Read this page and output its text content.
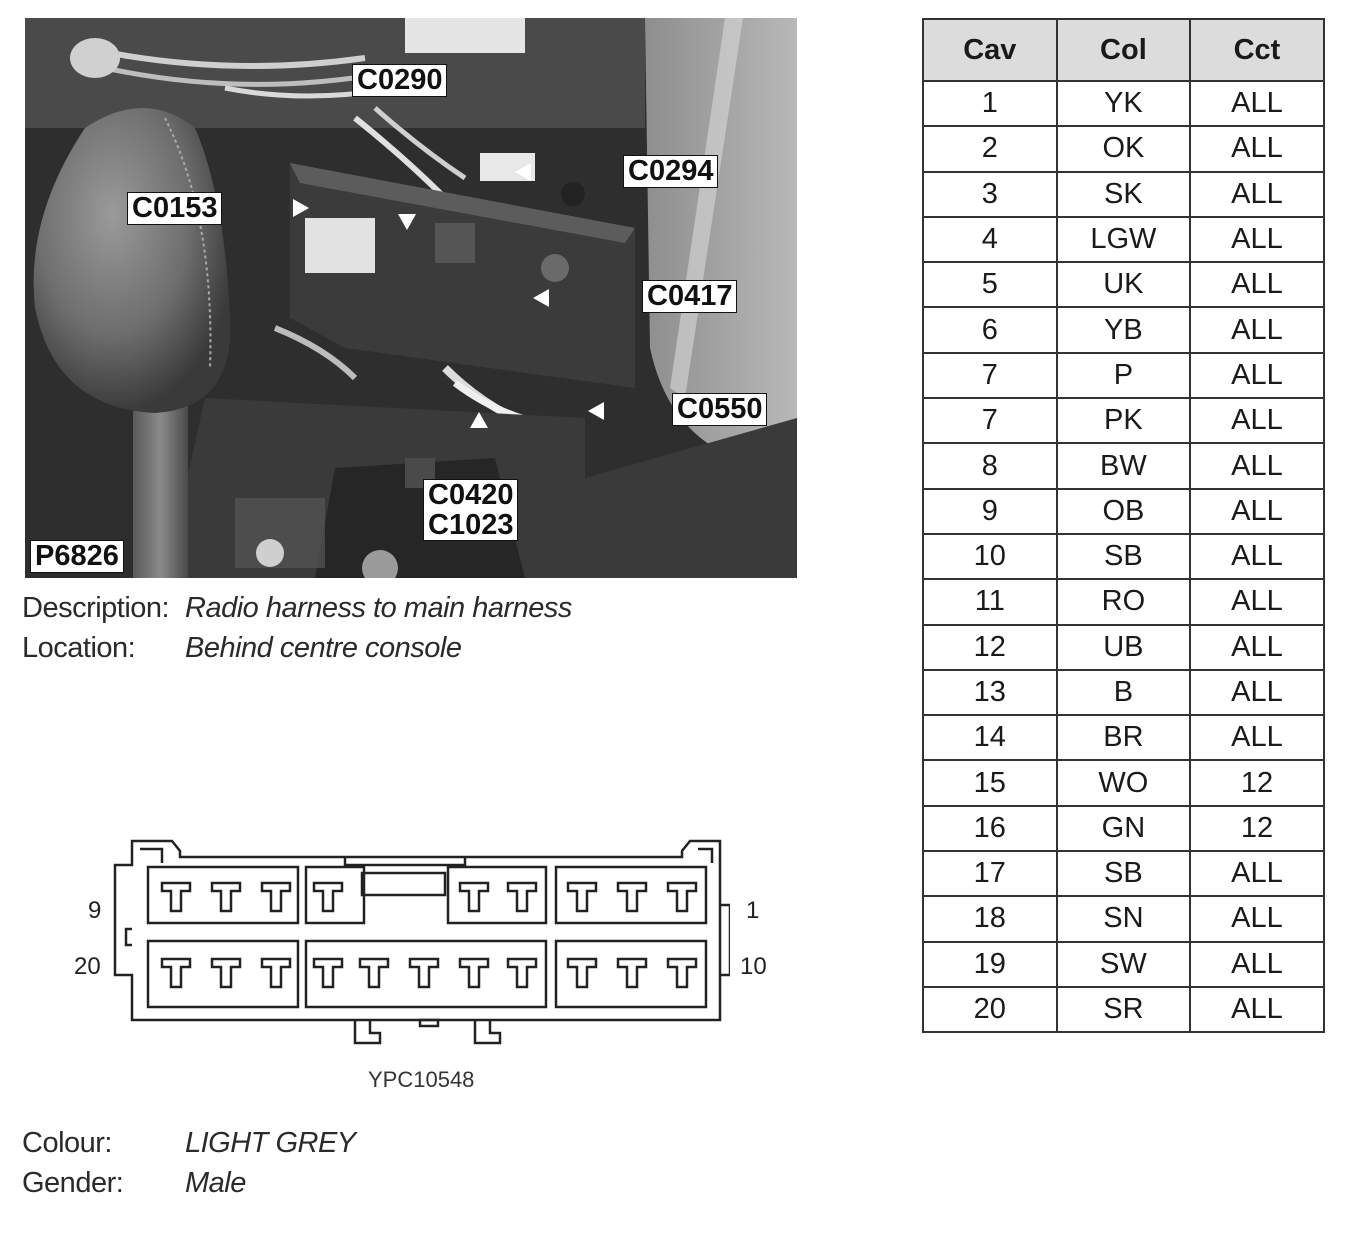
C0290
C0294
C0153
C0417
C0550
C0420
C1023
P6826
Description: Radio harness to main harness
Location: Behind centre console
Colour:	LIGHT GREY
Gender: Male
9
20
1
10
YPC10548
Cav	Col	Cct
1	YK	ALL
2	OK	ALL
3	SK	ALL
4	LGW	ALL
5	UK	ALL
6	YB	ALL
7	P	ALL
7	PK	ALL
8	BW	ALL
9	OB	ALL
10	SB	ALL
11	RO	ALL
12	UB	ALL
13	B	ALL
14	BR	ALL
15	WO	12
16	GN	12
17	SB	ALL
18	SN	ALL
19	SW	ALL
20	SR	ALL
